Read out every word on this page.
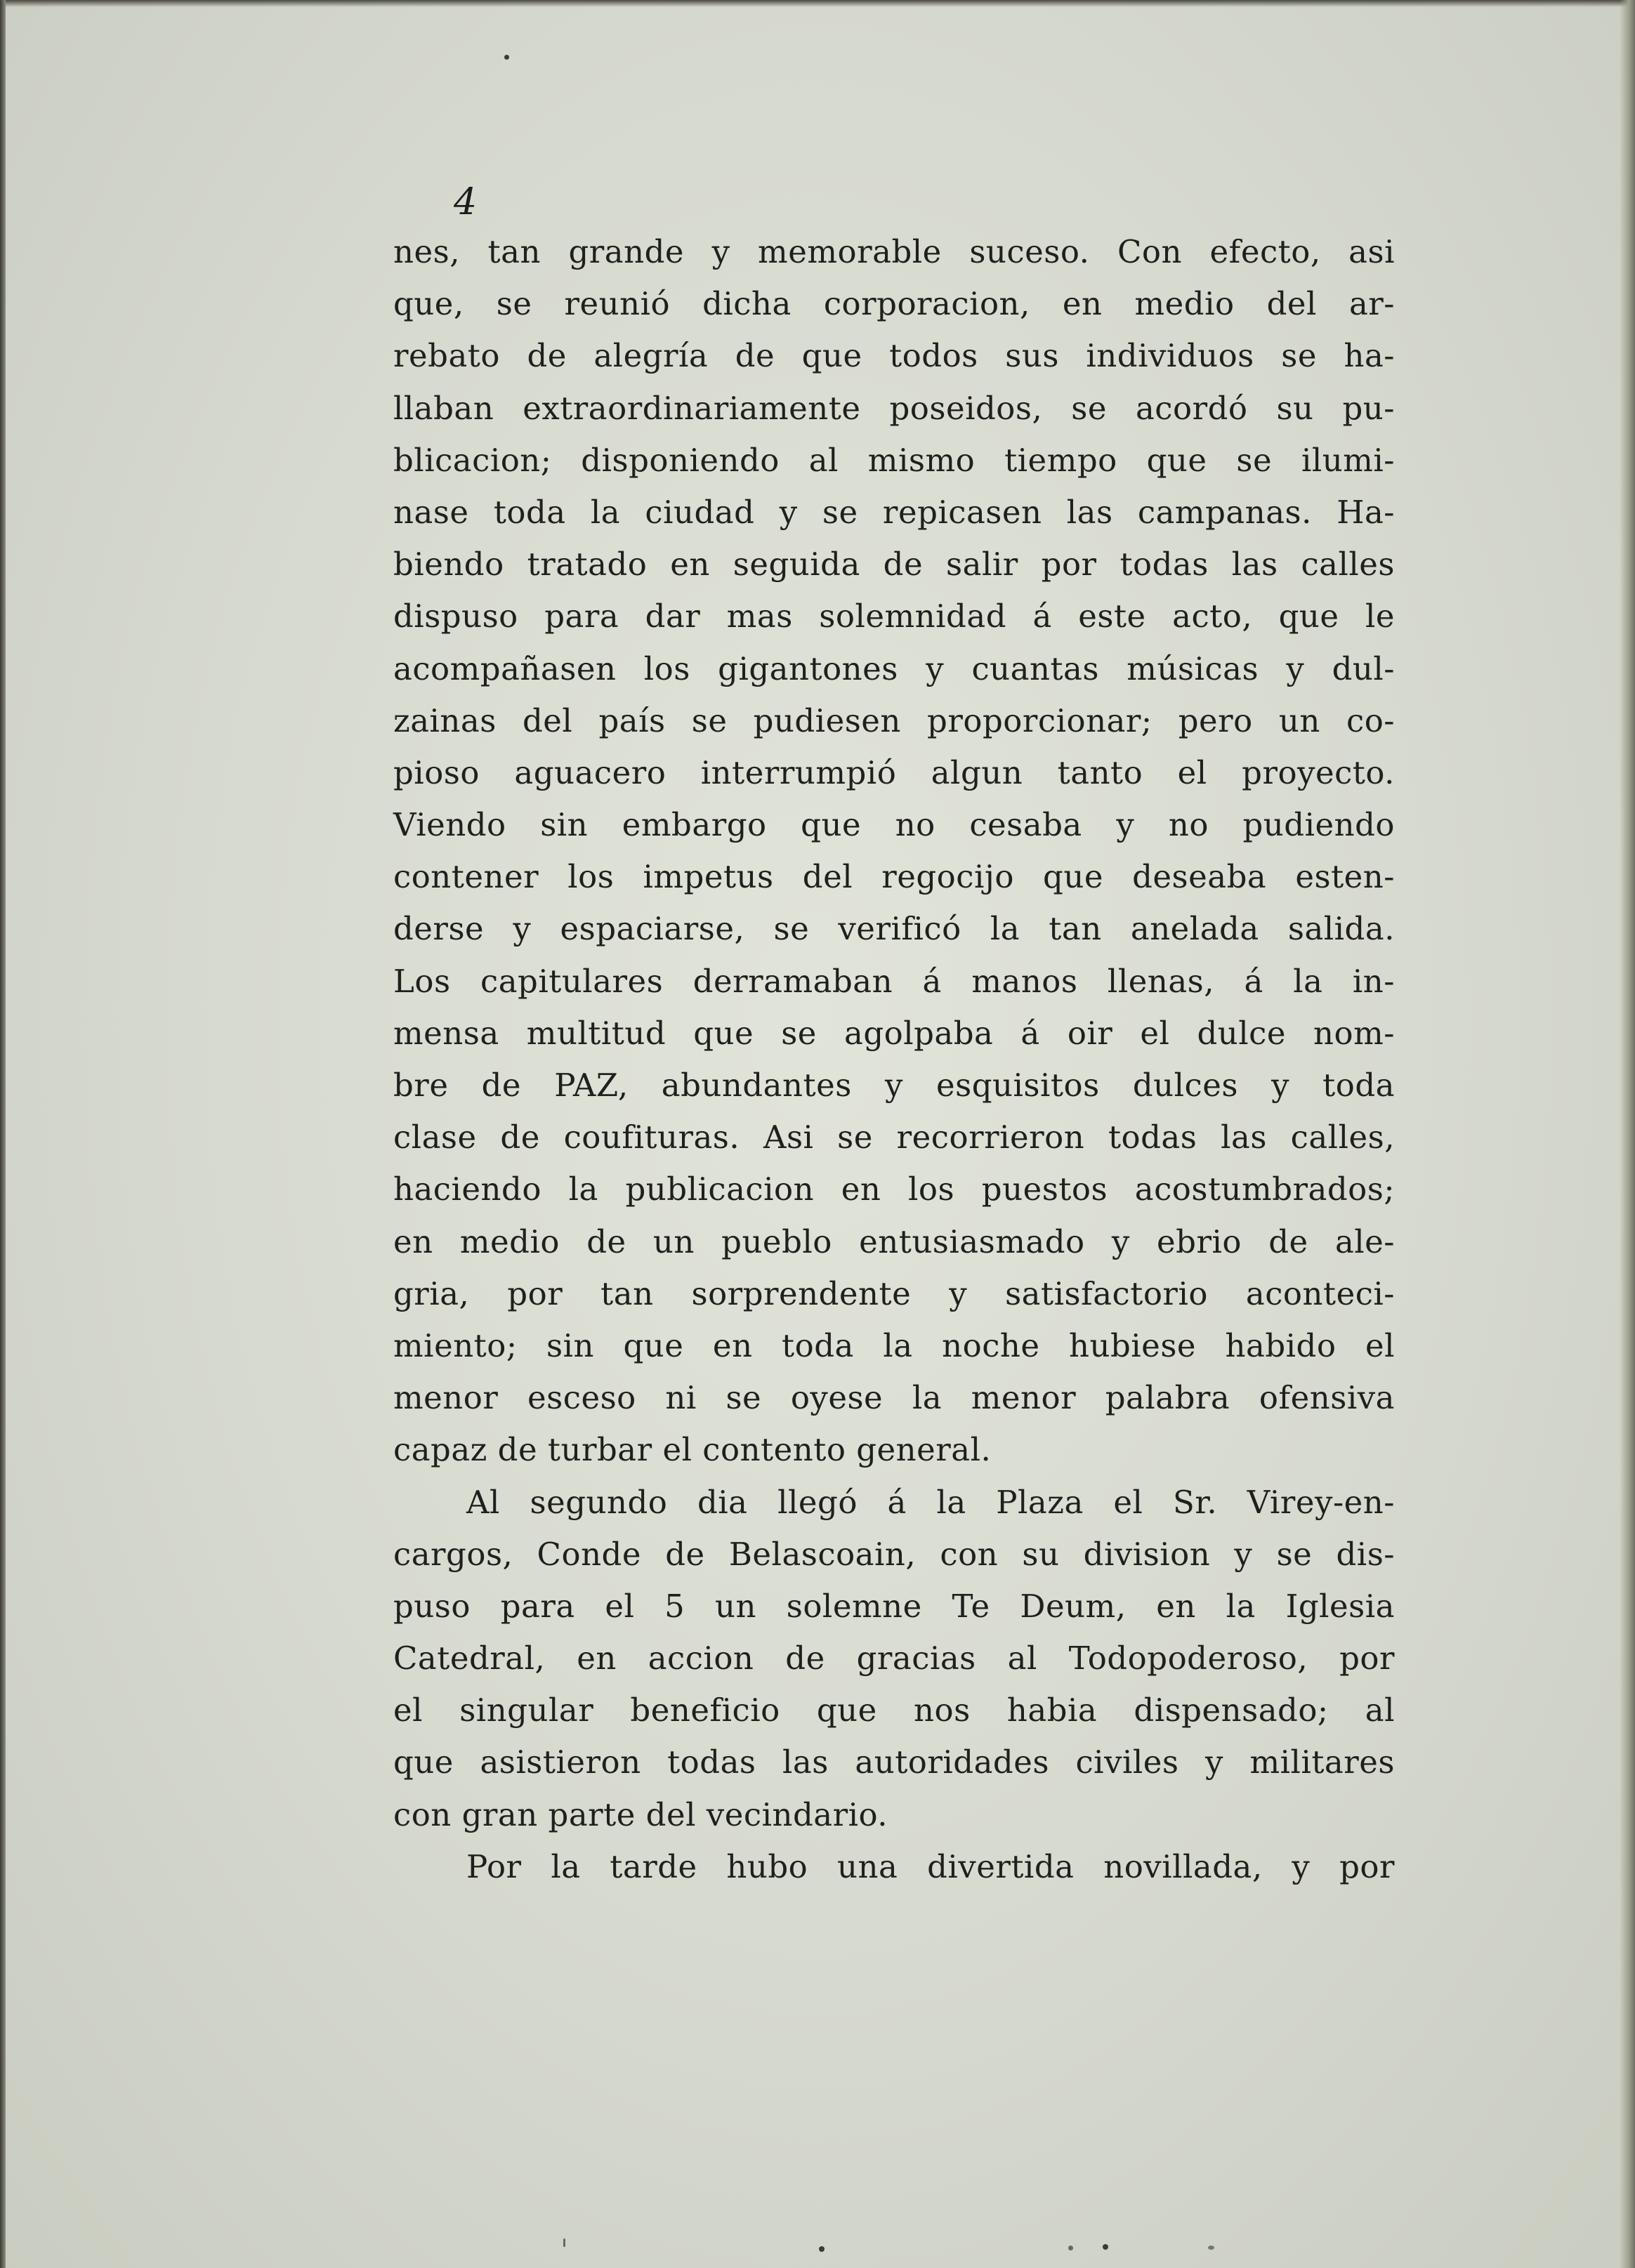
4
nes, tan grande y memorable suceso. Con efecto, asi
que, se reunió dicha corporacion, en medio del ar-
rebato de alegría de que todos sus individuos se ha-
llaban extraordinariamente poseidos, se acordó su pu-
blicacion; disponiendo al mismo tiempo que se ilumi-
nase toda la ciudad y se repicasen las campanas. Ha-
biendo tratado en seguida de salir por todas las calles
dispuso para dar mas solemnidad á este acto, que le
acompañasen los gigantones y cuantas músicas y dul-
zainas del país se pudiesen proporcionar; pero un co-
pioso aguacero interrumpió algun tanto el proyecto.
Viendo sin embargo que no cesaba y no pudiendo
contener los impetus del regocijo que deseaba esten-
derse y espaciarse, se verificó la tan anelada salida.
Los capitulares derramaban á manos llenas, á la in-
mensa multitud que se agolpaba á oir el dulce nom-
bre de PAZ, abundantes y esquisitos dulces y toda
clase de coufituras. Asi se recorrieron todas las calles,
haciendo la publicacion en los puestos acostumbrados;
en medio de un pueblo entusiasmado y ebrio de ale-
gria, por tan sorprendente y satisfactorio aconteci-
miento; sin que en toda la noche hubiese habido el
menor esceso ni se oyese la menor palabra ofensiva
capaz de turbar el contento general.
Al segundo dia llegó á la Plaza el Sr. Virey-en-
cargos, Conde de Belascoain, con su division y se dis-
puso para el 5 un solemne Te Deum, en la Iglesia
Catedral, en accion de gracias al Todopoderoso, por
el singular beneficio que nos habia dispensado; al
que asistieron todas las autoridades civiles y militares
con gran parte del vecindario.
Por la tarde hubo una divertida novillada, y por
